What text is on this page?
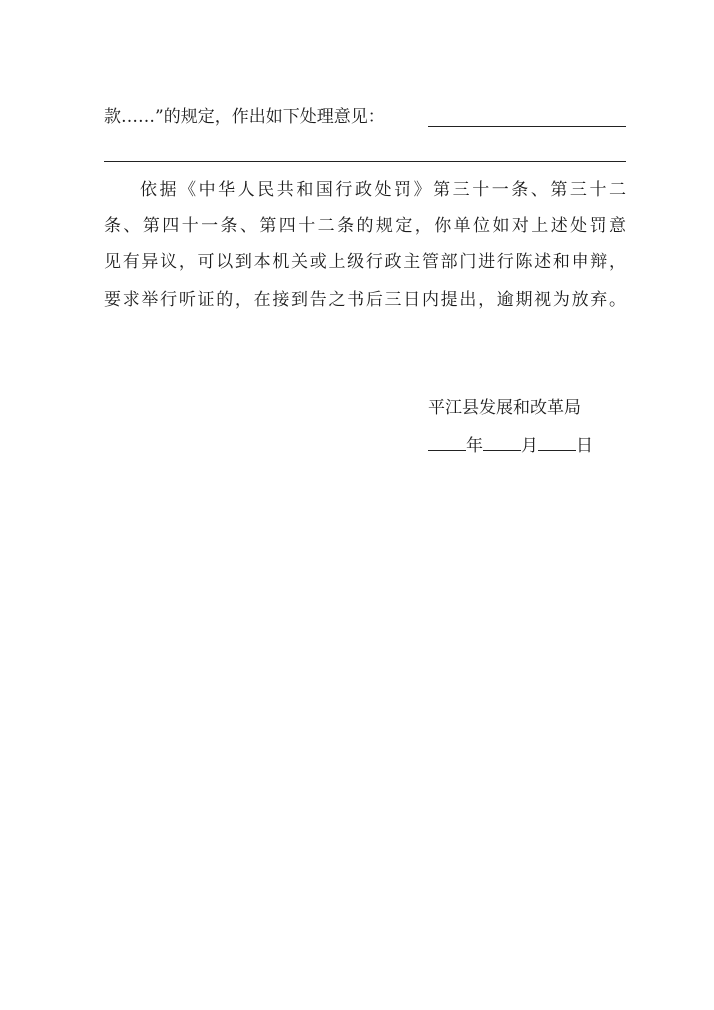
款……”的规定，作出如下处理意见：
依据《中华人民共和国行政处罚》第三十一条、第三十二
条、第四十一条、第四十二条的规定，你单位如对上述处罚意
见有异议，可以到本机关或上级行政主管部门进行陈述和申辩，
要求举行听证的，在接到告之书后三日内提出，逾期视为放弃。
平江县发展和改革局
年 月 日
